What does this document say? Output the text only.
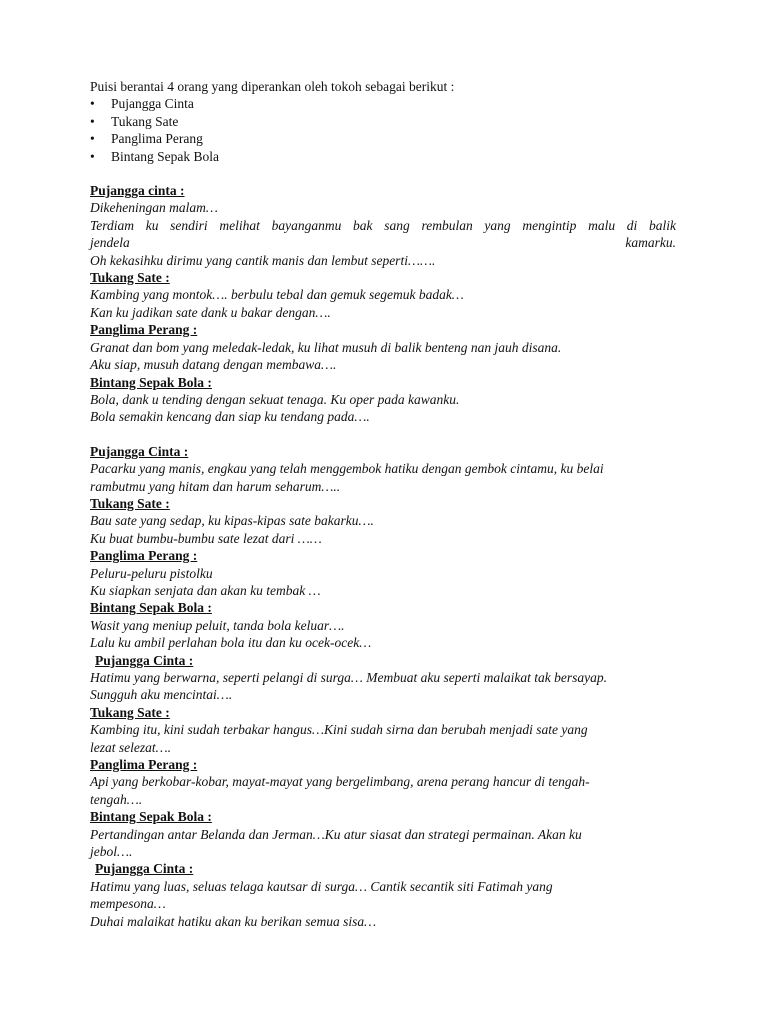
Puisi berantai 4 orang yang diperankan oleh tokoh sebagai berikut :

• Pujangga Cinta
• Tukang Sate
• Panglima Perang
• Bintang Sepak Bola

Pujangga cinta :

Dikeheningan malam…

Terdiam ku sendiri melihat bayanganmu bak sang rembulan yang mengintip malu di balik

jendela	kamarku.

Oh kekasihku dirimu yang cantik manis dan lembut seperti…….

Tukang Sate :

Kambing yang montok…. berbulu tebal dan gemuk segemuk badak…

Kan ku jadikan sate dank u bakar dengan….

Panglima Perang :

Granat dan bom yang meledak-ledak, ku lihat musuh di balik benteng nan jauh disana.

Aku siap, musuh datang dengan membawa….

Bintang Sepak Bola :

Bola, dank u tending dengan sekuat tenaga. Ku oper pada kawanku.

Bola semakin kencang dan siap ku tendang pada….

Pujangga Cinta :

Pacarku yang manis, engkau yang telah menggembok hatiku dengan gembok cintamu, ku belai

rambutmu yang hitam dan harum seharum…..

Tukang Sate :

Bau sate yang sedap, ku kipas-kipas sate bakarku….

Ku buat bumbu-bumbu sate lezat dari ……

Panglima Perang :

Peluru-peluru pistolku

Ku siapkan senjata dan akan ku tembak …

Bintang Sepak Bola :

Wasit yang meniup peluit, tanda bola keluar….

Lalu ku ambil perlahan bola itu dan ku ocek-ocek…

Pujangga Cinta :

Hatimu yang berwarna, seperti pelangi di surga… Membuat aku seperti malaikat tak bersayap.

Sungguh aku mencintai….

Tukang Sate :

Kambing itu, kini sudah terbakar hangus…Kini sudah sirna dan berubah menjadi sate yang

lezat selezat….

Panglima Perang :

Api yang berkobar-kobar, mayat-mayat yang bergelimbang, arena perang hancur di tengah-

tengah….

Bintang Sepak Bola :

Pertandingan antar Belanda dan Jerman…Ku atur siasat dan strategi permainan. Akan ku

jebol….

Pujangga Cinta :

Hatimu yang luas, seluas telaga kautsar di surga… Cantik secantik siti Fatimah yang

mempesona…

Duhai malaikat hatiku akan ku berikan semua sisa…
